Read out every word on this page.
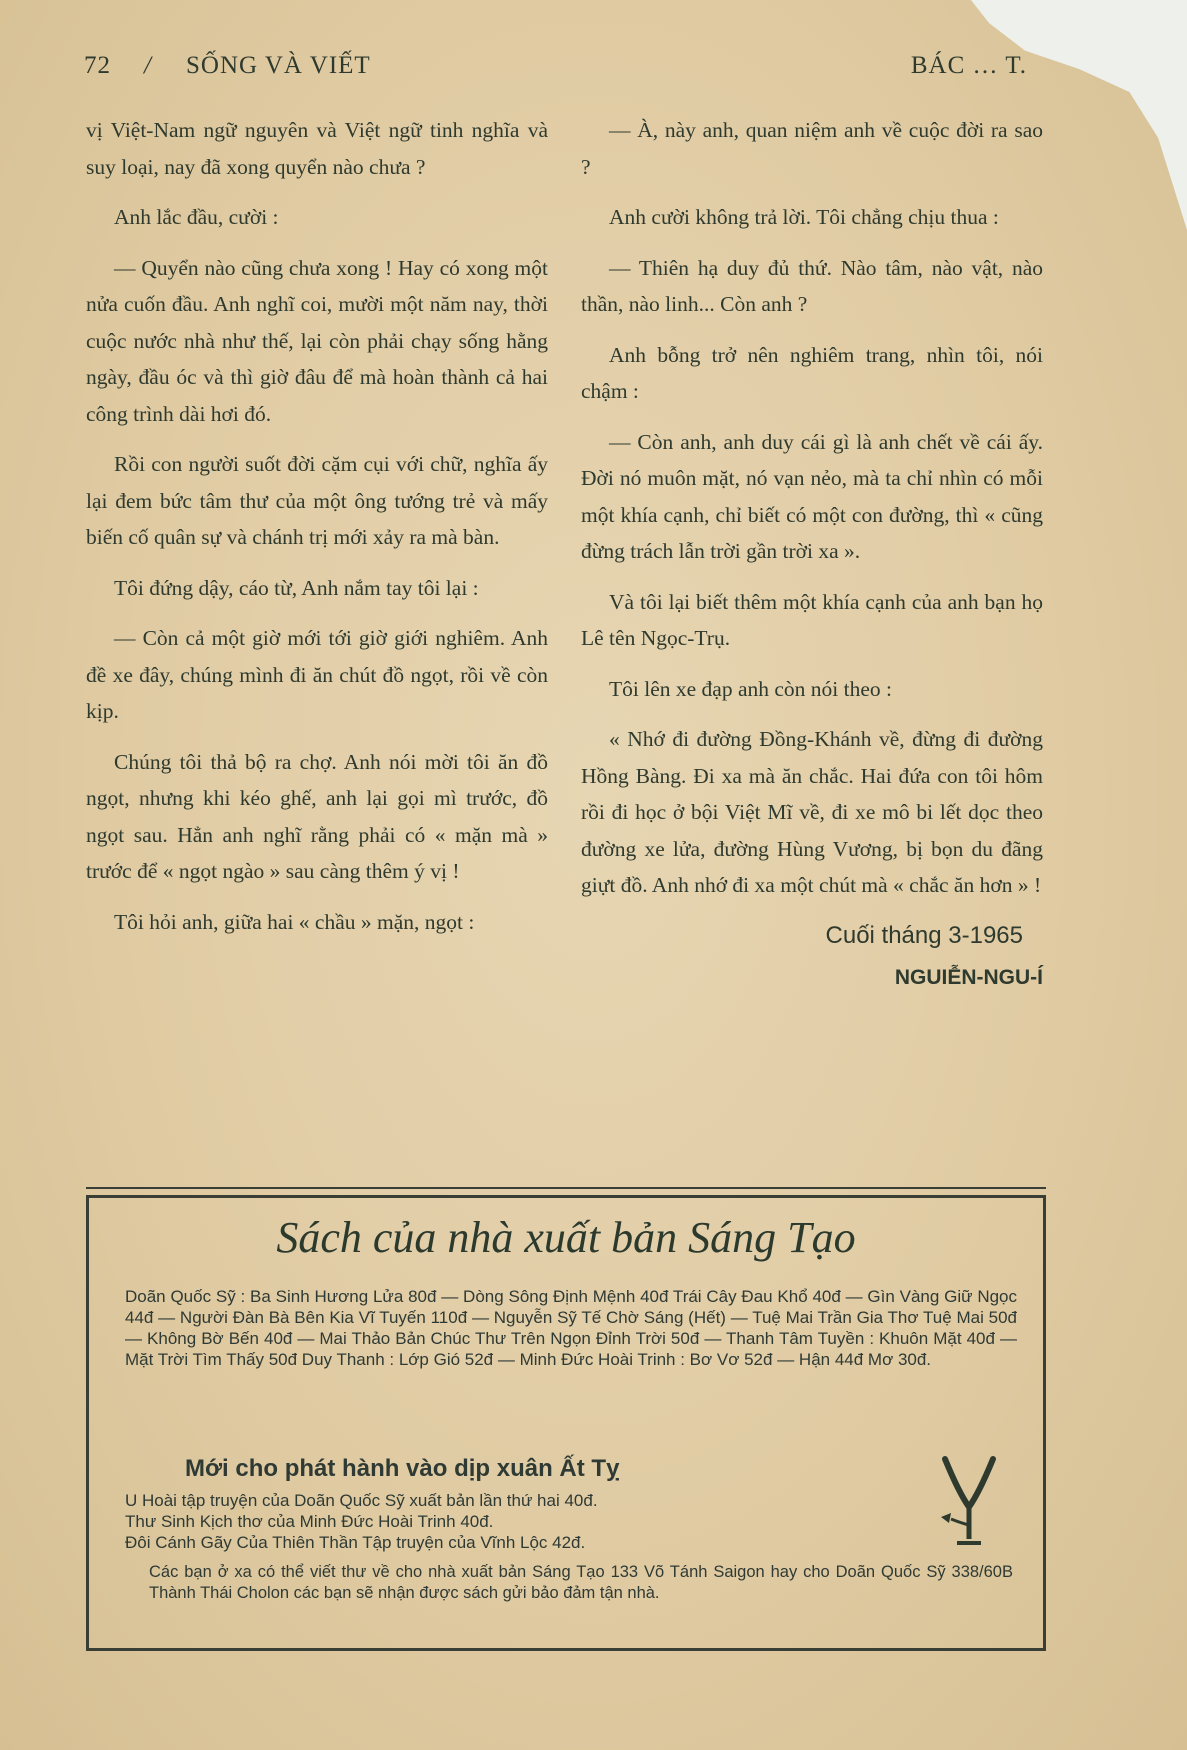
72 / SỐNG VÀ VIẾT	BÁC … T.

vị Việt-Nam ngữ nguyên và Việt ngữ tinh nghĩa và suy loại, nay đã xong quyển nào chưa ?

Anh lắc đầu, cười :

— Quyển nào cũng chưa xong ! Hay có xong một nửa cuốn đầu. Anh nghĩ coi, mười một năm nay, thời cuộc nước nhà như thế, lại còn phải chạy sống hằng ngày, đầu óc và thì giờ đâu để mà hoàn thành cả hai công trình dài hơi đó.

Rồi con người suốt đời cặm cụi với chữ, nghĩa ấy lại đem bức tâm thư của một ông tướng trẻ và mấy biến cố quân sự và chánh trị mới xảy ra mà bàn.

Tôi đứng dậy, cáo từ, Anh nắm tay tôi lại :

— Còn cả một giờ mới tới giờ giới nghiêm. Anh đề xe đây, chúng mình đi ăn chút đồ ngọt, rồi về còn kịp.

Chúng tôi thả bộ ra chợ. Anh nói mời tôi ăn đồ ngọt, nhưng khi kéo ghế, anh lại gọi mì trước, đồ ngọt sau. Hẳn anh nghĩ rằng phải có « mặn mà » trước để « ngọt ngào » sau càng thêm ý vị !

Tôi hỏi anh, giữa hai « chầu » mặn, ngọt :

— À, này anh, quan niệm anh về cuộc đời ra sao ?

Anh cười không trả lời. Tôi chẳng chịu thua :

— Thiên hạ duy đủ thứ. Nào tâm, nào vật, nào thần, nào linh... Còn anh ?

Anh bỗng trở nên nghiêm trang, nhìn tôi, nói chậm :

— Còn anh, anh duy cái gì là anh chết về cái ấy. Đời nó muôn mặt, nó vạn nẻo, mà ta chỉ nhìn có mỗi một khía cạnh, chỉ biết có một con đường, thì « cũng đừng trách lẫn trời gần trời xa ».

Và tôi lại biết thêm một khía cạnh của anh bạn họ Lê tên Ngọc-Trụ.

Tôi lên xe đạp anh còn nói theo :

« Nhớ đi đường Đồng-Khánh về, đừng đi đường Hồng Bàng. Đi xa mà ăn chắc. Hai đứa con tôi hôm rồi đi học ở bội Việt Mĩ về, đi xe mô bi lết dọc theo đường xe lửa, đường Hùng Vương, bị bọn du đãng giựt đồ. Anh nhớ đi xa một chút mà « chắc ăn hơn » !

Cuối tháng 3-1965

NGUIỄN-NGU-Í

Sách của nhà xuất bản Sáng Tạo
Doãn Quốc Sỹ : Ba Sinh Hương Lửa 80đ — Dòng Sông Định Mệnh 40đ Trái Cây Đau Khổ 40đ — Gìn Vàng Giữ Ngọc 44đ — Người Đàn Bà Bên Kia Vĩ Tuyến 110đ — Nguyễn Sỹ Tế Chờ Sáng (Hết) — Tuệ Mai Trần Gia Thơ Tuệ Mai 50đ — Không Bờ Bến 40đ — Mai Thảo Bản Chúc Thư Trên Ngọn Đỉnh Trời 50đ — Thanh Tâm Tuyền : Khuôn Mặt 40đ — Mặt Trời Tìm Thấy 50đ Duy Thanh : Lớp Gió 52đ — Minh Đức Hoài Trinh : Bơ Vơ 52đ — Hận 44đ Mơ 30đ.
Mới cho phát hành vào dịp xuân Ất Tỵ
U Hoài tập truyện của Doãn Quốc Sỹ xuất bản lần thứ hai 40đ.
Thư Sinh Kịch thơ của Minh Đức Hoài Trinh 40đ.
Đôi Cánh Gãy Của Thiên Thần Tập truyện của Vĩnh Lộc 42đ.
Các bạn ở xa có thể viết thư về cho nhà xuất bản Sáng Tạo 133 Võ Tánh Saigon hay cho Doãn Quốc Sỹ 338/60B Thành Thái Cholon các bạn sẽ nhận được sách gửi bảo đảm tận nhà.
